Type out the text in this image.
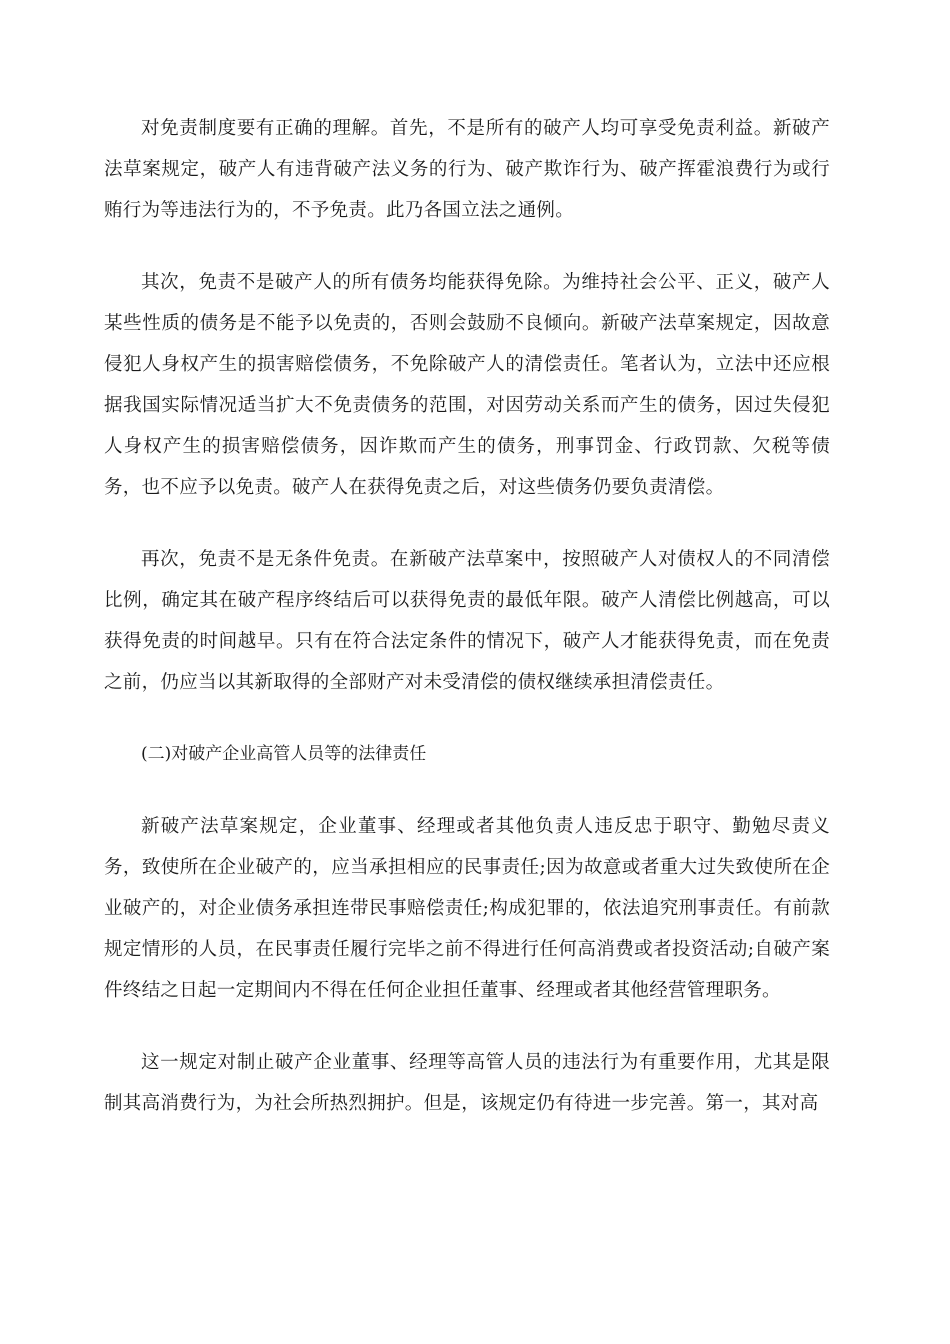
对免责制度要有正确的理解。首先，不是所有的破产人均可享受免责利益。新破产法草案规定，破产人有违背破产法义务的行为、破产欺诈行为、破产挥霍浪费行为或行贿行为等违法行为的，不予免责。此乃各国立法之通例。

其次，免责不是破产人的所有债务均能获得免除。为维持社会公平、正义，破产人某些性质的债务是不能予以免责的，否则会鼓励不良倾向。新破产法草案规定，因故意侵犯人身权产生的损害赔偿债务，不免除破产人的清偿责任。笔者认为，立法中还应根据我国实际情况适当扩大不免责债务的范围，对因劳动关系而产生的债务，因过失侵犯人身权产生的损害赔偿债务，因诈欺而产生的债务，刑事罚金、行政罚款、欠税等债务，也不应予以免责。破产人在获得免责之后，对这些债务仍要负责清偿。

再次，免责不是无条件免责。在新破产法草案中，按照破产人对债权人的不同清偿比例，确定其在破产程序终结后可以获得免责的最低年限。破产人清偿比例越高，可以获得免责的时间越早。只有在符合法定条件的情况下，破产人才能获得免责，而在免责之前，仍应当以其新取得的全部财产对未受清偿的债权继续承担清偿责任。

(二)对破产企业高管人员等的法律责任

新破产法草案规定，企业董事、经理或者其他负责人违反忠于职守、勤勉尽责义务，致使所在企业破产的，应当承担相应的民事责任;因为故意或者重大过失致使所在企业破产的，对企业债务承担连带民事赔偿责任;构成犯罪的，依法追究刑事责任。有前款规定情形的人员，在民事责任履行完毕之前不得进行任何高消费或者投资活动;自破产案件终结之日起一定期间内不得在任何企业担任董事、经理或者其他经营管理职务。

这一规定对制止破产企业董事、经理等高管人员的违法行为有重要作用，尤其是限制其高消费行为，为社会所热烈拥护。但是，该规定仍有待进一步完善。第一，其对高
